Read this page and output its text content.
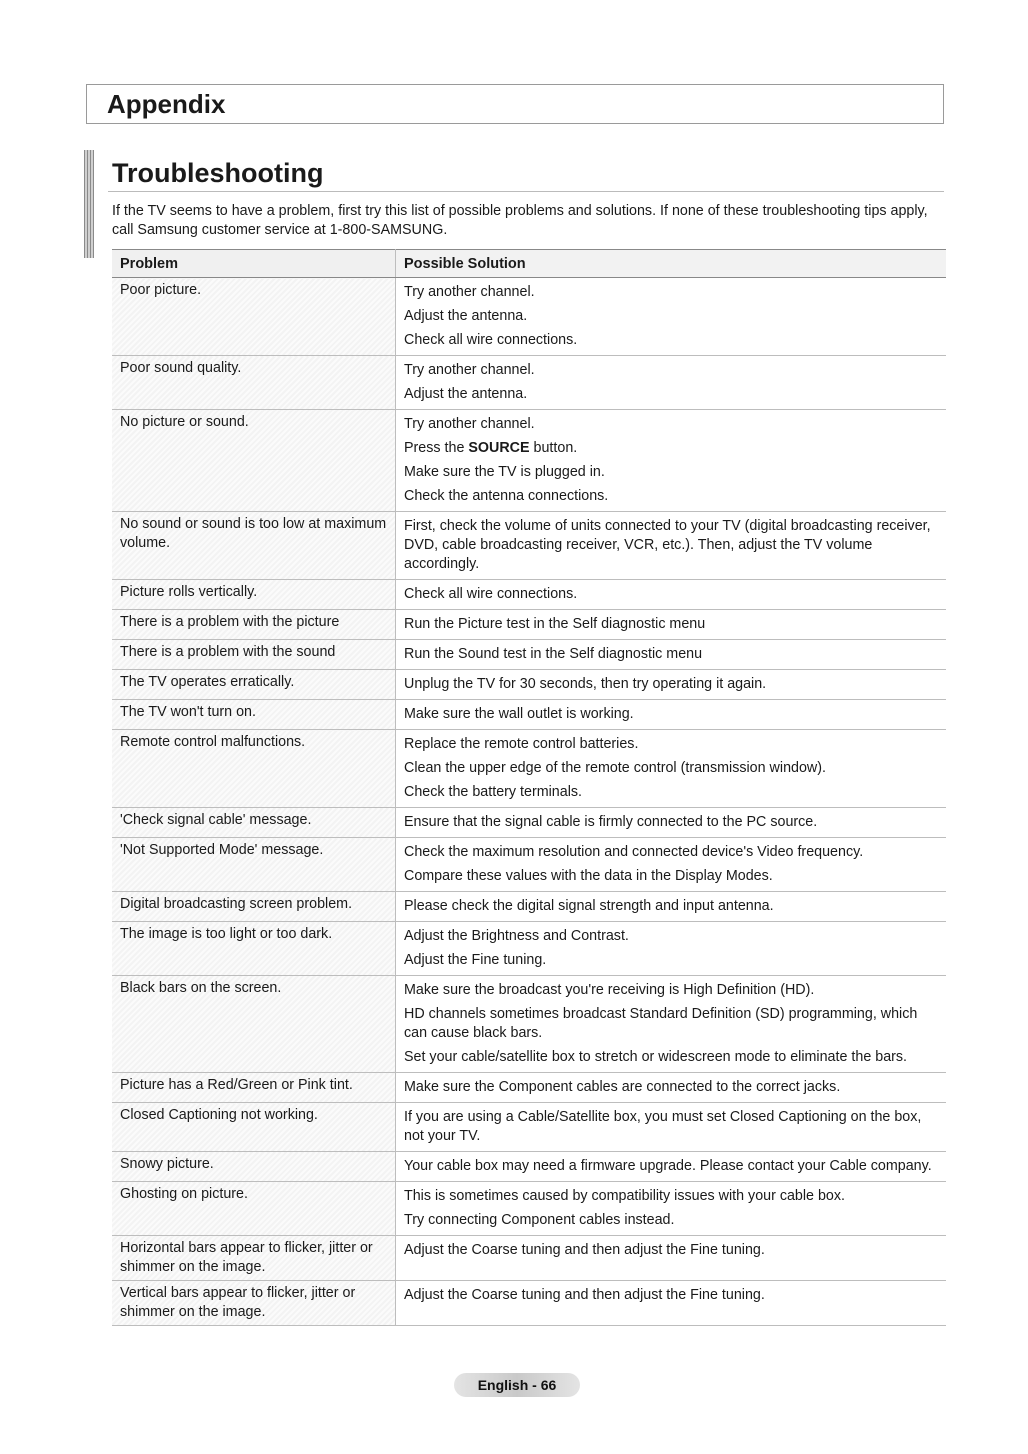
Appendix
Troubleshooting

If the TV seems to have a problem, first try this list of possible problems and solutions. If none of these troubleshooting tips apply, call Samsung customer service at 1-800-SAMSUNG.

Problem	Possible Solution
Poor picture.	Try another channel.
Adjust the antenna.
Check all wire connections.

Poor sound quality.	Try another channel.
Adjust the antenna.

No picture or sound.	Try another channel.
Press the SOURCE button.
Make sure the TV is plugged in.
Check the antenna connections.

No sound or sound is too low at maximum volume.	First, check the volume of units connected to your TV (digital broadcasting receiver, DVD, cable broadcasting receiver, VCR, etc.). Then, adjust the TV volume accordingly.

Picture rolls vertically.	Check all wire connections.

There is a problem with the picture	Run the Picture test in the Self diagnostic menu

There is a problem with the sound	Run the Sound test in the Self diagnostic menu

The TV operates erratically.	Unplug the TV for 30 seconds, then try operating it again.

The TV won't turn on.	Make sure the wall outlet is working.

Remote control malfunctions.	Replace the remote control batteries.
Clean the upper edge of the remote control (transmission window).
Check the battery terminals.

'Check signal cable' message.	Ensure that the signal cable is firmly connected to the PC source.

'Not Supported Mode' message.	Check the maximum resolution and connected device's Video frequency.
Compare these values with the data in the Display Modes.

Digital broadcasting screen problem.	Please check the digital signal strength and input antenna.

The image is too light or too dark.	Adjust the Brightness and Contrast.
Adjust the Fine tuning.

Black bars on the screen.	Make sure the broadcast you're receiving is High Definition (HD).
HD channels sometimes broadcast Standard Definition (SD) programming, which can cause black bars.
Set your cable/satellite box to stretch or widescreen mode to eliminate the bars.

Picture has a Red/Green or Pink tint.	Make sure the Component cables are connected to the correct jacks.

Closed Captioning not working.	If you are using a Cable/Satellite box, you must set Closed Captioning on the box, not your TV.

Snowy picture.	Your cable box may need a firmware upgrade. Please contact your Cable company.

Ghosting on picture.	This is sometimes caused by compatibility issues with your cable box.
Try connecting Component cables instead.

Horizontal bars appear to flicker, jitter or shimmer on the image.	Adjust the Coarse tuning and then adjust the Fine tuning.

Vertical bars appear to flicker, jitter or shimmer on the image.	Adjust the Coarse tuning and then adjust the Fine tuning.
English - 66
